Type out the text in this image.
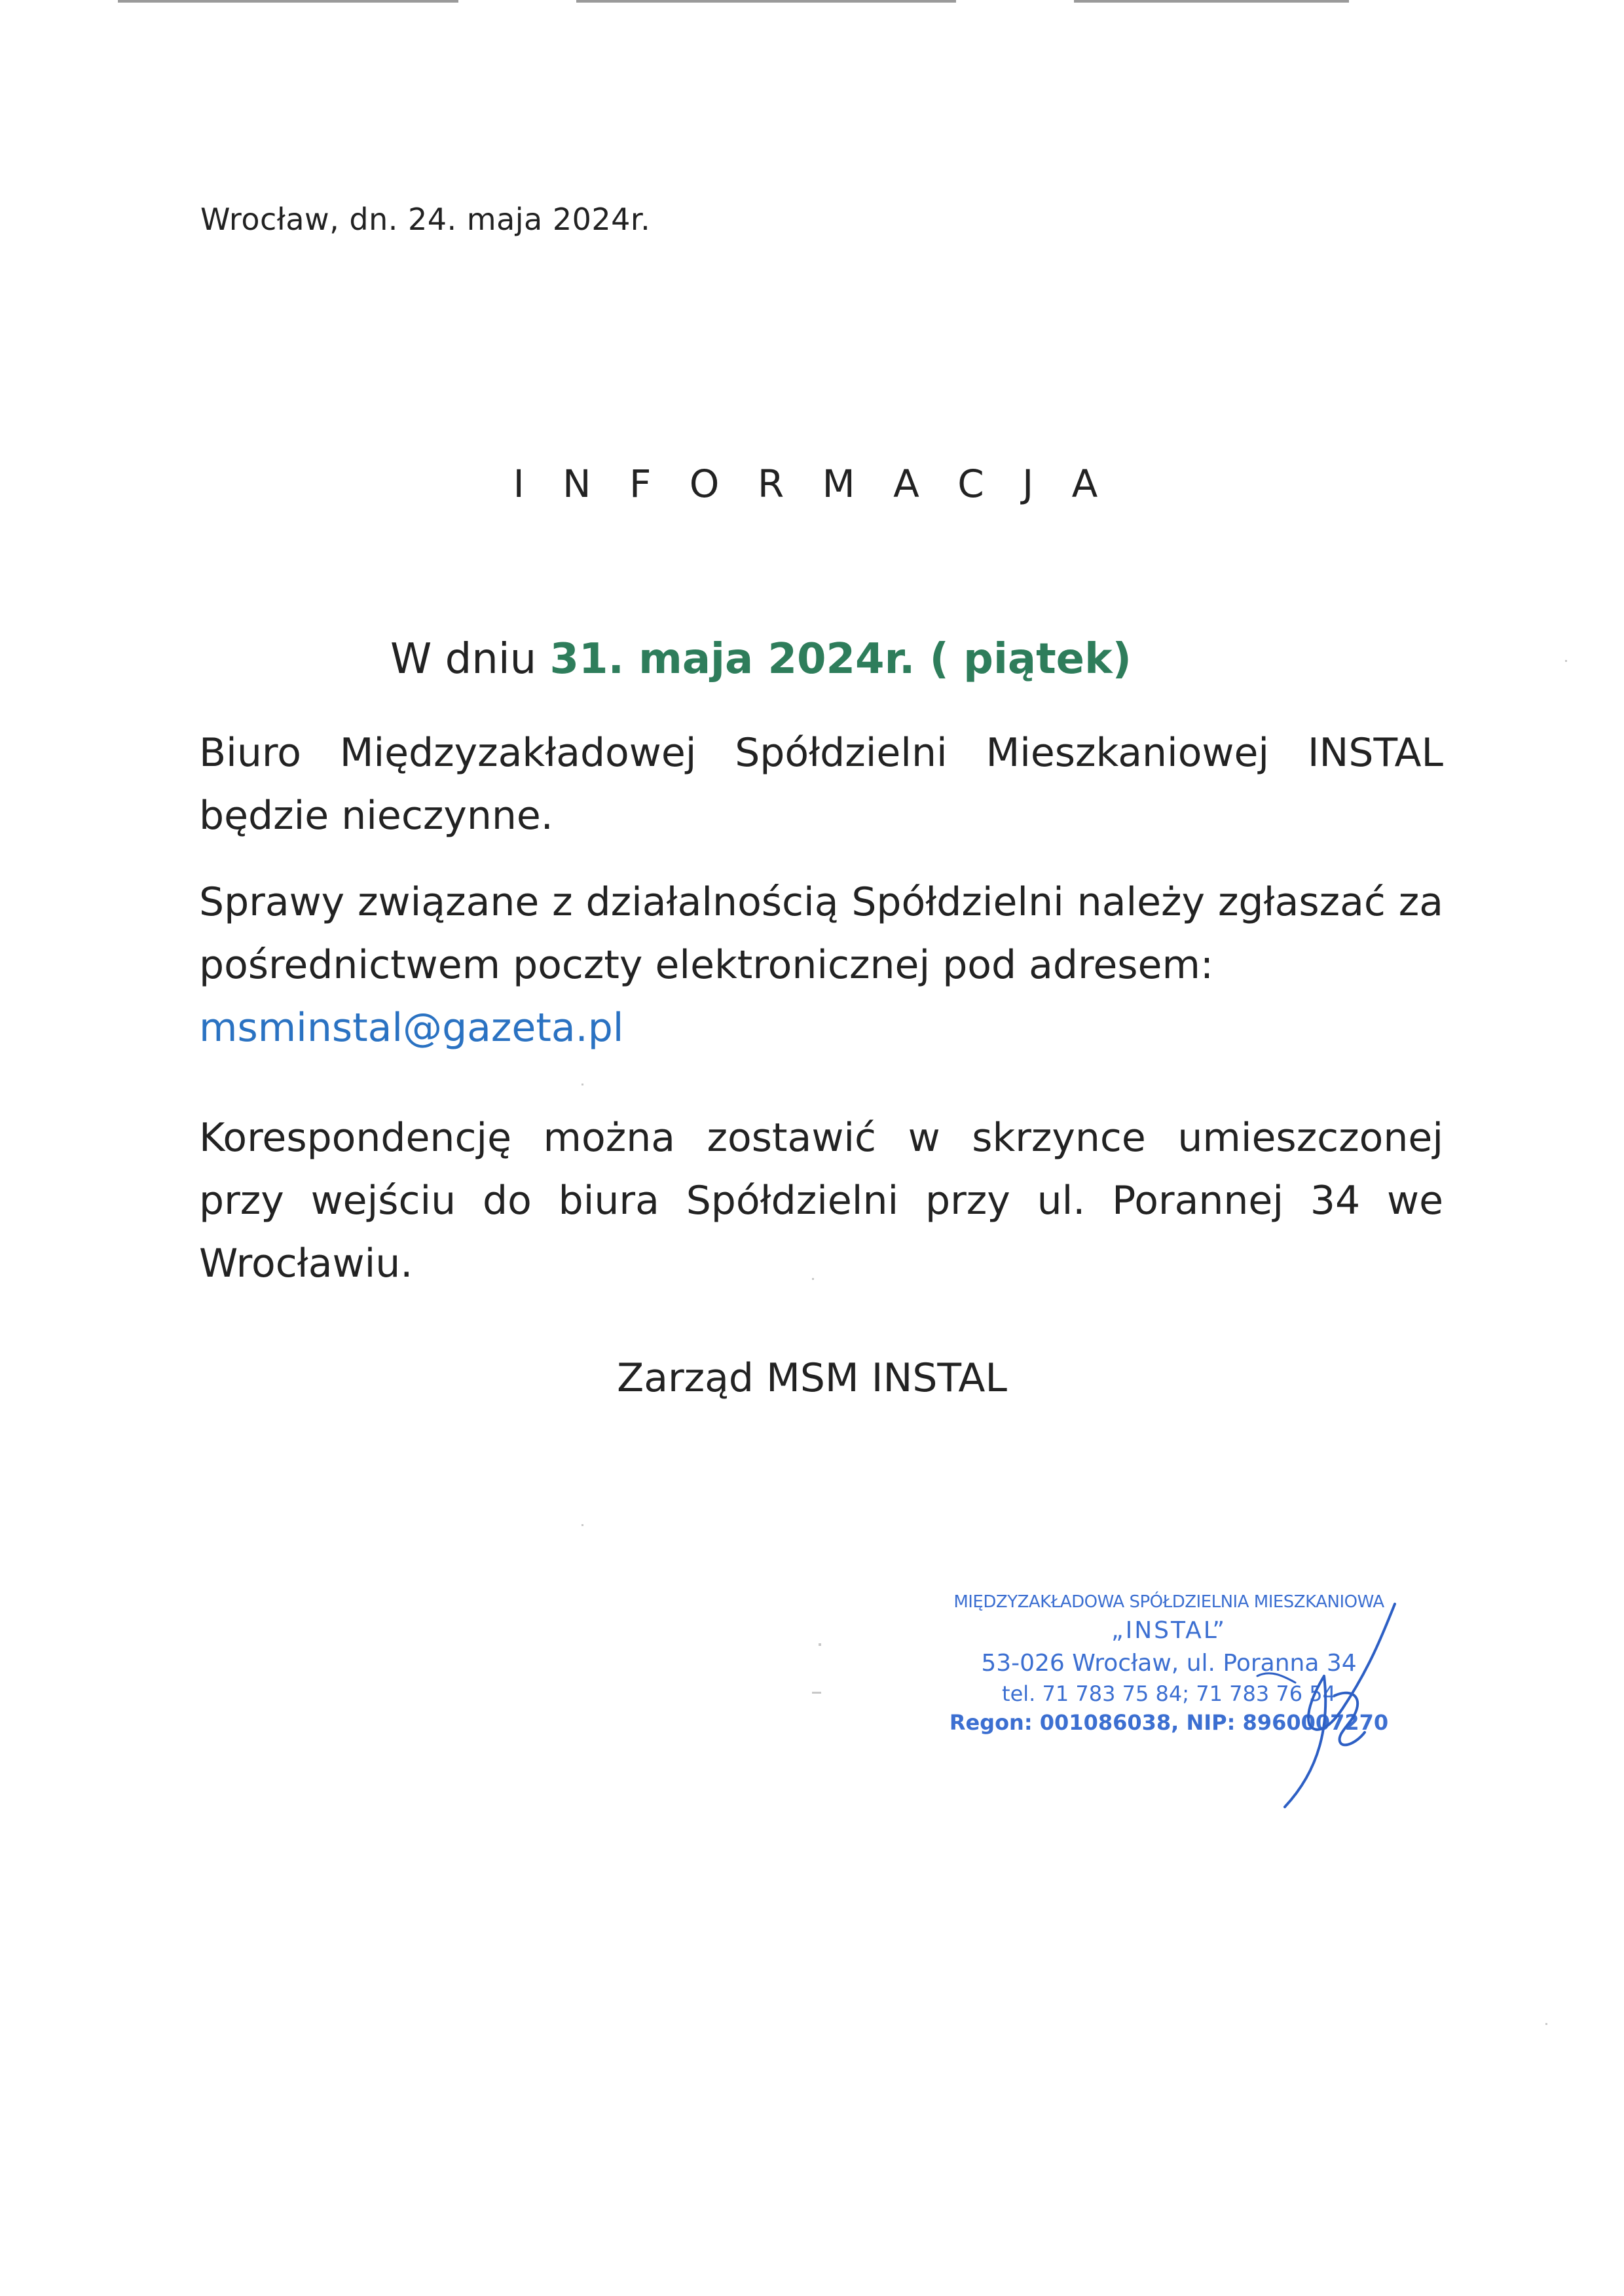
Wrocław, dn. 24. maja 2024r.
I N F O R M A C J A
W dniu 31. maja 2024r. ( piątek)
Biuro Międzyzakładowej Spółdzielni Mieszkaniowej INSTAL będzie nieczynne.
Sprawy związane z działalnością Spółdzielni należy zgłaszać za pośrednictwem poczty elektronicznej pod adresem:
msminstal@gazeta.pl
Korespondencję można zostawić w skrzynce umieszczonej przy wejściu do biura Spółdzielni przy ul. Porannej 34 we Wrocławiu.
Zarząd MSM INSTAL
MIĘDZYZAKŁADOWA SPÓŁDZIELNIA MIESZKANIOWA
„INSTAL”
53-026 Wrocław, ul. Poranna 34
tel. 71 783 75 84; 71 783 76 54
Regon: 001086038, NIP: 8960007270
